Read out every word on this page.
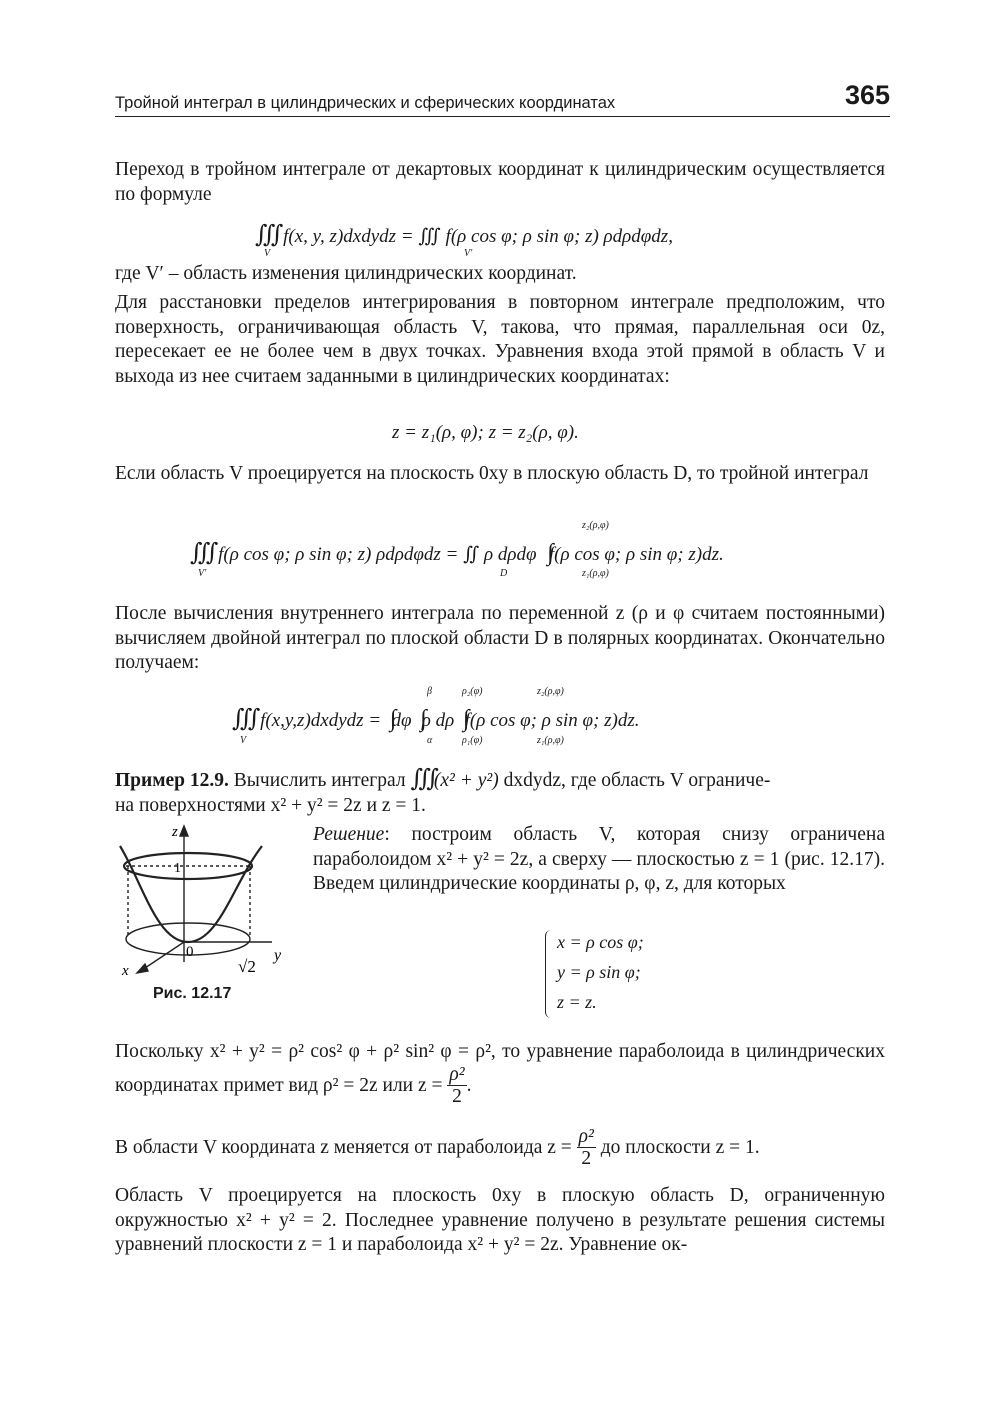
Тройной интеграл в цилиндрических и сферических координатах	365

Переход в тройном интеграле от декартовых координат к цилиндрическим осуществляется по формуле

∭ f(x, y, z)dxdydz = ∭ f(ρ cos φ; ρ sin φ; z) ρdρdφdz,
V	V′

где V′ – область изменения цилиндрических координат.

Для расстановки пределов интегрирования в повторном интеграле предположим, что поверхность, ограничивающая область V, такова, что прямая, параллельная оси 0z, пересекает ее не более чем в двух точках. Уравнения входа этой прямой в область V и выхода из нее считаем заданными в цилиндрических координатах:

z = z₁(ρ, φ); z = z₂(ρ, φ).

Если область V проецируется на плоскость 0xy в плоскую область D, то тройной интеграл

z₂(ρ,φ)
∭ f(ρ cos φ; ρ sin φ; z) ρdρdφdz = ∬ ρ dρdφ ∫f(ρ cos φ; ρ sin φ; z)dz.
V′	D	z₁(ρ,φ)

После вычисления внутреннего интеграла по переменной z (ρ и φ считаем постоянными) вычисляем двойной интеграл по плоской области D в полярных координатах. Окончательно получаем:

β	ρ₂(φ)	z₂(ρ,φ)
∭ f(x,y,z)dxdydz = ∫dφ ∫ρ dρ ∫f(ρ cos φ; ρ sin φ; z)dz.
V	α	ρ₁(φ)	z₁(ρ,φ)
Пример 12.9. Вычислить интеграл ∭(x² + y²) dxdydz, где область V ограниче-
на поверхностями x² + y² = 2z и z = 1.
z
1
0
√2
y
x
Рис. 12.17
Решение: построим область V, которая снизу ограничена параболоидом x² + y² = 2z, а сверху — плоскостью z = 1 (рис. 12.17). Введем цилиндрические координаты ρ, φ, z, для которых
x = ρ cos φ;
y = ρ sin φ;
z = z.
Поскольку x² + y² = ρ² cos² φ + ρ² sin² φ = ρ², то уравнение параболоида в цилиндрических координатах примет вид ρ² = 2z или $z = \frac{\text{ρ²}}{2}$ .
В области V координата z меняется от параболоида $z = \frac{\text{ρ²}}{2}$ до плоскости z = 1.

Область V проецируется на плоскость 0xy в плоскую область D, ограниченную окружностью x² + y² = 2. Последнее уравнение получено в результате решения системы уравнений плоскости z = 1 и параболоида x² + y² = 2z. Уравнение ок-
